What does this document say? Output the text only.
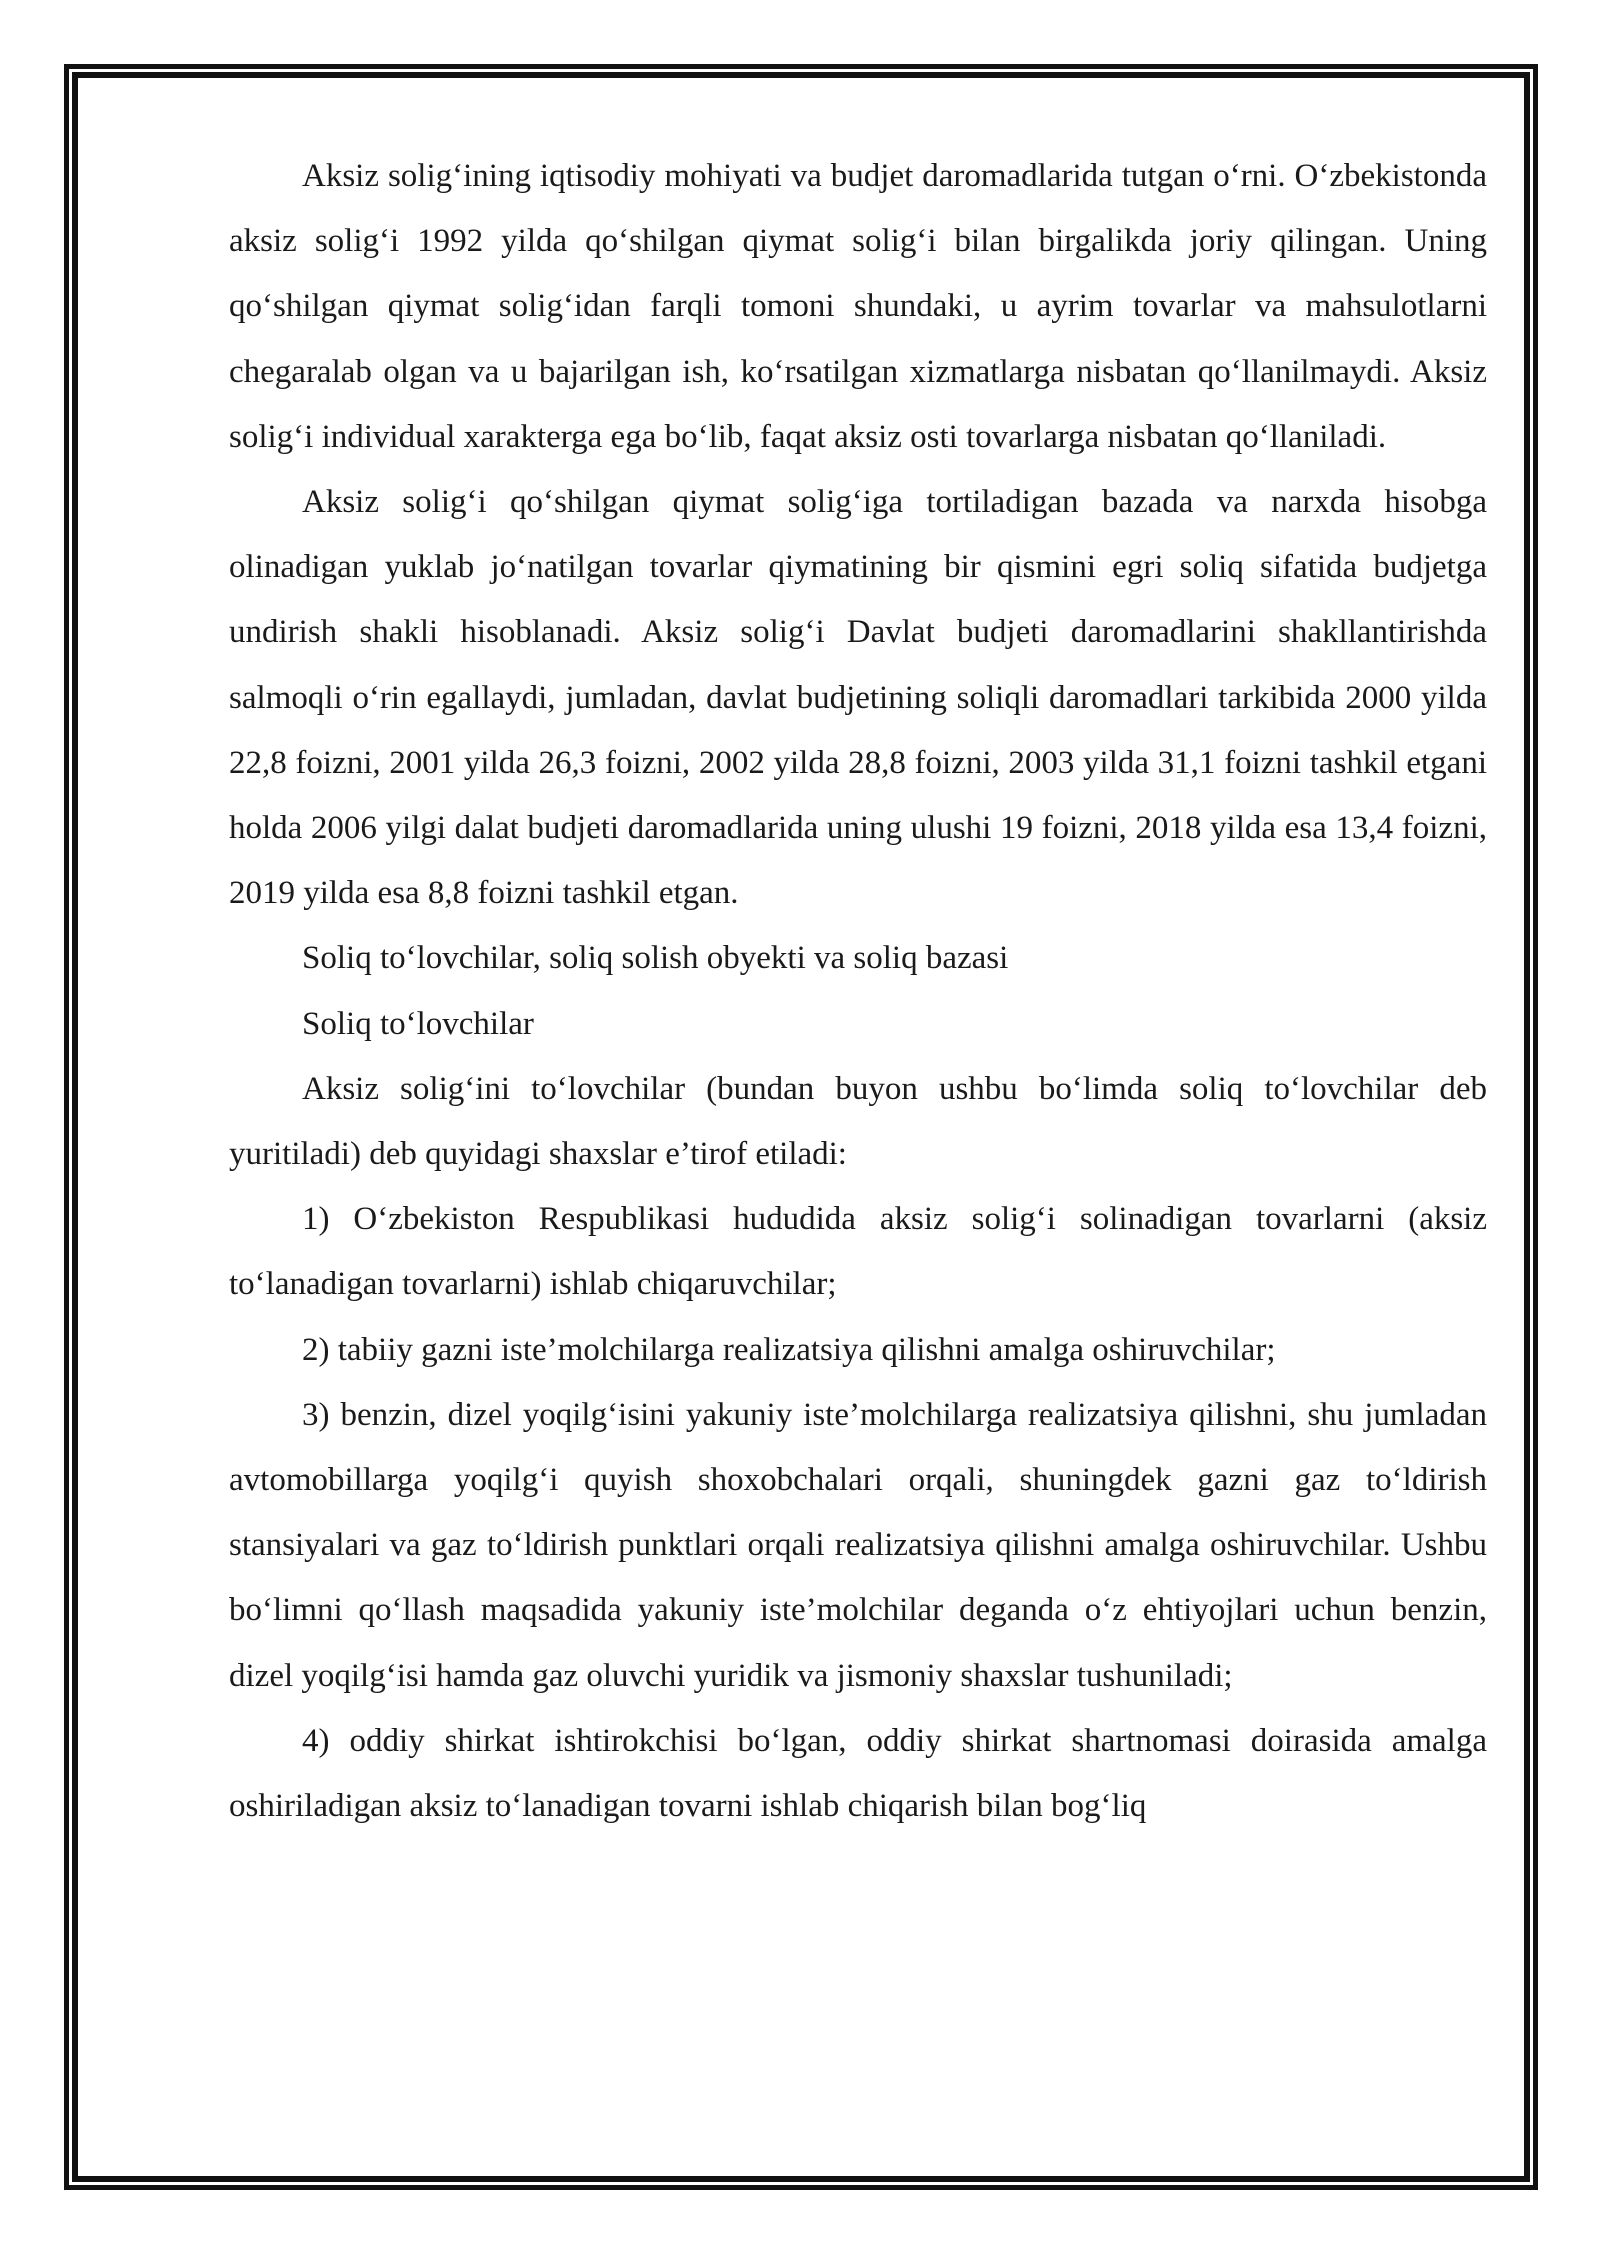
Aksiz solig‘ining iqtisodiy mohiyati va budjet daromadlarida tutgan o‘rni. O‘zbekistonda aksiz solig‘i 1992 yilda qo‘shilgan qiymat solig‘i bilan birgalikda joriy qilingan. Uning qo‘shilgan qiymat solig‘idan farqli tomoni shundaki, u ayrim tovarlar va mahsulotlarni chegaralab olgan va u bajarilgan ish, ko‘rsatilgan xizmatlarga nisbatan qo‘llanilmaydi. Aksiz solig‘i individual xarakterga ega bo‘lib, faqat aksiz osti tovarlarga nisbatan qo‘llaniladi.

Aksiz solig‘i qo‘shilgan qiymat solig‘iga tortiladigan bazada va narxda hisobga olinadigan yuklab jo‘natilgan tovarlar qiymatining bir qismini egri soliq sifatida budjetga undirish shakli hisoblanadi. Aksiz solig‘i Davlat budjeti daromadlarini shakllantirishda salmoqli o‘rin egallaydi, jumladan, davlat budjetining soliqli daromadlari tarkibida 2000 yilda 22,8 foizni, 2001 yilda 26,3 foizni, 2002 yilda 28,8 foizni, 2003 yilda 31,1 foizni tashkil etgani holda 2006 yilgi dalat budjeti daromadlarida uning ulushi 19 foizni, 2018 yilda esa 13,4 foizni, 2019 yilda esa 8,8 foizni tashkil etgan.

Soliq to‘lovchilar, soliq solish obyekti va soliq bazasi

Soliq to‘lovchilar

Aksiz solig‘ini to‘lovchilar (bundan buyon ushbu bo‘limda soliq to‘lovchilar deb yuritiladi) deb quyidagi shaxslar e’tirof etiladi:

1) O‘zbekiston Respublikasi hududida aksiz solig‘i solinadigan tovarlarni (aksiz to‘lanadigan tovarlarni) ishlab chiqaruvchilar;

2) tabiiy gazni iste’molchilarga realizatsiya qilishni amalga oshiruvchilar;

3) benzin, dizel yoqilg‘isini yakuniy iste’molchilarga realizatsiya qilishni, shu jumladan avtomobillarga yoqilg‘i quyish shoxobchalari orqali, shuningdek gazni gaz to‘ldirish stansiyalari va gaz to‘ldirish punktlari orqali realizatsiya qilishni amalga oshiruvchilar. Ushbu bo‘limni qo‘llash maqsadida yakuniy iste’molchilar deganda o‘z ehtiyojlari uchun benzin, dizel yoqilg‘isi hamda gaz oluvchi yuridik va jismoniy shaxslar tushuniladi;

4) oddiy shirkat ishtirokchisi bo‘lgan, oddiy shirkat shartnomasi doirasida amalga oshiriladigan aksiz to‘lanadigan tovarni ishlab chiqarish bilan bog‘liq
